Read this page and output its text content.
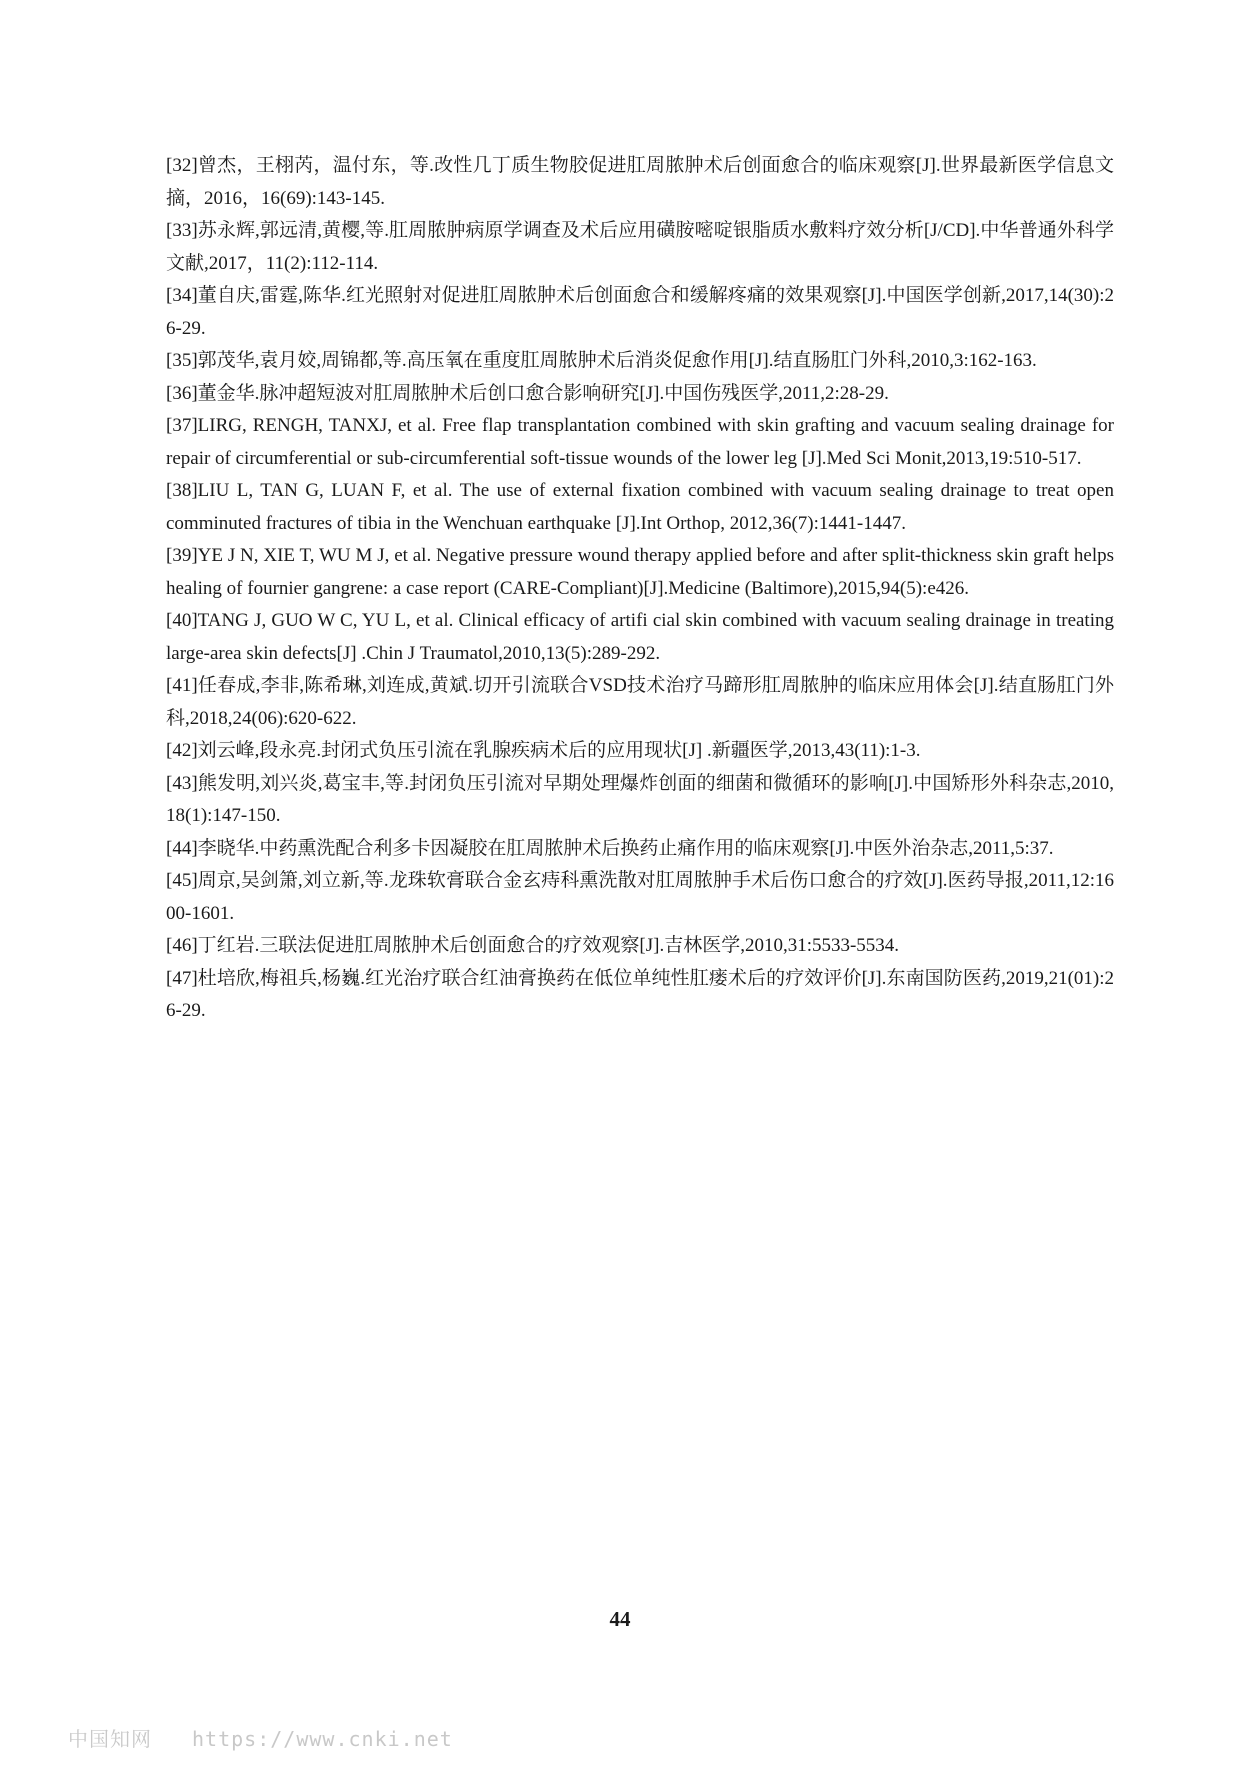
[32]曾杰，王栩芮，温付东，等.改性几丁质生物胶促进肛周脓肿术后创面愈合的临床观察[J].世界最新医学信息文摘，2016，16(69):143-145.

[33]苏永辉,郭远清,黄樱,等.肛周脓肿病原学调查及术后应用磺胺嘧啶银脂质水敷料疗效分析[J/CD].中华普通外科学文献,2017，11(2):112-114.

[34]董自庆,雷霆,陈华.红光照射对促进肛周脓肿术后创面愈合和缓解疼痛的效果观察[J].中国医学创新,2017,14(30):26-29.

[35]郭茂华,袁月姣,周锦都,等.高压氧在重度肛周脓肿术后消炎促愈作用[J].结直肠肛门外科,2010,3:162-163.

[36]董金华.脉冲超短波对肛周脓肿术后创口愈合影响研究[J].中国伤残医学,2011,2:28-29.

[37]LIRG, RENGH, TANXJ, et al. Free flap transplantation combined with skin grafting and vacuum sealing drainage for repair of circumferential or sub-circumferential soft-tissue wounds of the lower leg [J].Med Sci Monit,2013,19:510-517.

[38]LIU L, TAN G, LUAN F, et al. The use of external fixation combined with vacuum sealing drainage to treat open comminuted fractures of tibia in the Wenchuan earthquake [J].Int Orthop, 2012,36(7):1441-1447.

[39]YE J N, XIE T, WU M J, et al. Negative pressure wound therapy applied before and after split-thickness skin graft helps healing of fournier gangrene: a case report (CARE-Compliant)[J].Medicine (Baltimore),2015,94(5):e426.

[40]TANG J, GUO W C, YU L, et al. Clinical efficacy of artifi cial skin combined with vacuum sealing drainage in treating large-area skin defects[J] .Chin J Traumatol,2010,13(5):289-292.

[41]任春成,李非,陈希琳,刘连成,黄斌.切开引流联合VSD技术治疗马蹄形肛周脓肿的临床应用体会[J].结直肠肛门外科,2018,24(06):620-622.

[42]刘云峰,段永亮.封闭式负压引流在乳腺疾病术后的应用现状[J] .新疆医学,2013,43(11):1-3.

[43]熊发明,刘兴炎,葛宝丰,等.封闭负压引流对早期处理爆炸创面的细菌和微循环的影响[J].中国矫形外科杂志,2010,18(1):147-150.

[44]李晓华.中药熏洗配合利多卡因凝胶在肛周脓肿术后换药止痛作用的临床观察[J].中医外治杂志,2011,5:37.

[45]周京,吴剑箫,刘立新,等.龙珠软膏联合金玄痔科熏洗散对肛周脓肿手术后伤口愈合的疗效[J].医药导报,2011,12:1600-1601.

[46]丁红岩.三联法促进肛周脓肿术后创面愈合的疗效观察[J].吉林医学,2010,31:5533-5534.

[47]杜培欣,梅祖兵,杨巍.红光治疗联合红油膏换药在低位单纯性肛瘘术后的疗效评价[J].东南国防医药,2019,21(01):26-29.

44

中国知网 https://www.cnki.net
